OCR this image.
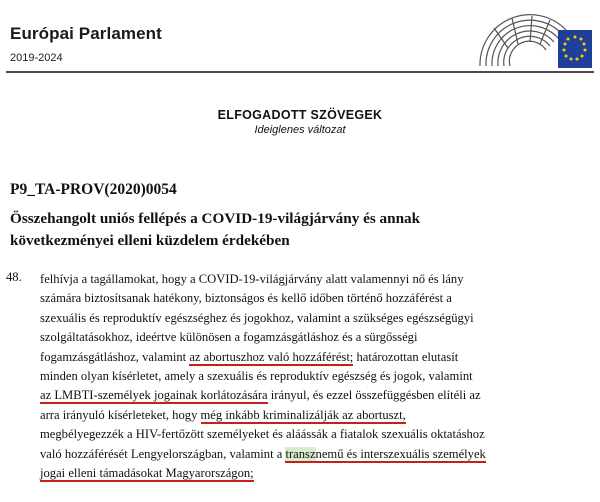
Európai Parlament
2019-2024
ELFOGADOTT SZÖVEGEK
Ideiglenes változat
P9_TA-PROV(2020)0054
Összehangolt uniós fellépés a COVID-19-világjárvány és annak
következményei elleni küzdelem érdekében
48. felhívja a tagállamokat, hogy a COVID-19-világjárvány alatt valamennyi nő és lány
számára biztosítsanak hatékony, biztonságos és kellő időben történő hozzáférést a
szexuális és reproduktív egészséghez és jogokhoz, valamint a szükséges egészségügyi
szolgáltatásokhoz, ideértve különösen a fogamzásgátláshoz és a sürgősségi
fogamzásgátláshoz, valamint az abortuszhoz való hozzáférést; határozottan elutasít
minden olyan kísérletet, amely a szexuális és reproduktív egészség és jogok, valamint
az LMBTI-személyek jogainak korlátozására irányul, és ezzel összefüggésben elítéli az
arra irányuló kísérleteket, hogy még inkább kriminalizálják az abortuszt,
megbélyegezzék a HIV-fertőzött személyeket és aláássák a fiatalok szexuális oktatáshoz
való hozzáférését Lengyelországban, valamint a transznemű és interszexuális személyek
jogai elleni támadásokat Magyarországon;
